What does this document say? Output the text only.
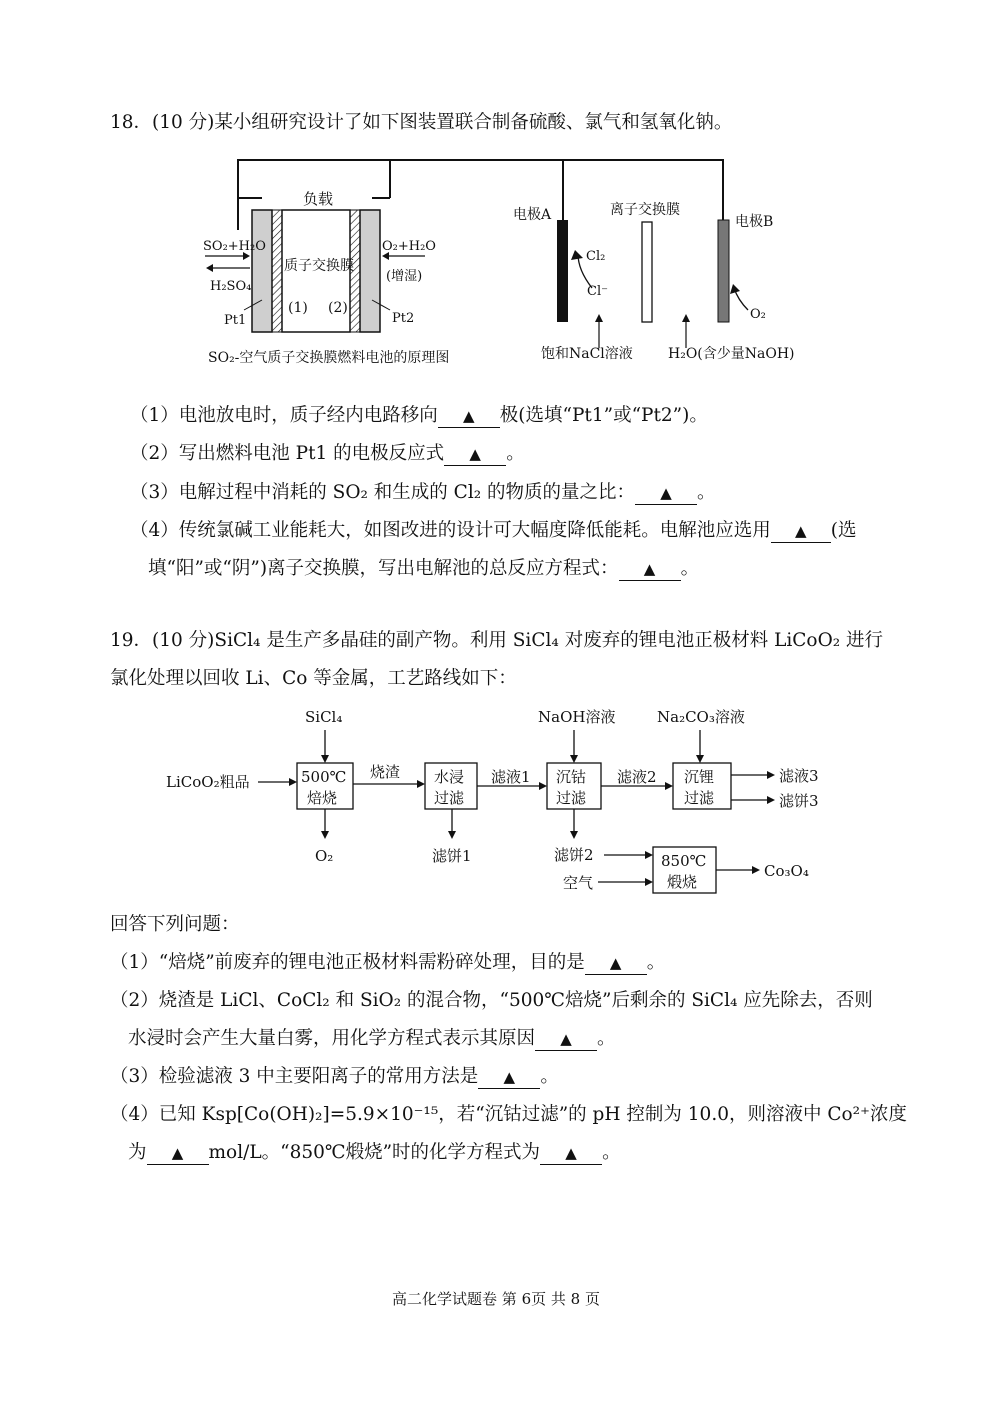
18．(10 分)某小组研究设计了如下图装置联合制备硫酸、氯气和氢氧化钠。
负载
质子交换膜
(1) (2)
SO₂+H₂O
H₂SO₄
Pt1
O₂+H₂O
(增湿)
Pt2
SO₂-空气质子交换膜燃料电池的原理图
电极A	离子交换膜
电极B
Cl₂
Cl⁻
O₂
饱和NaCl溶液	H₂O(含少量NaOH)
（1）电池放电时，质子经内电路移向 ▲ 极(选填“Pt1”或“Pt2”)。
（2）写出燃料电池 Pt1 的电极反应式 ▲ 。
（3）电解过程中消耗的 SO₂ 和生成的 Cl₂ 的物质的量之比： ▲ 。
（4）传统氯碱工业能耗大，如图改进的设计可大幅度降低能耗。电解池应选用 ▲ (选
填“阳”或“阴”)离子交换膜，写出电解池的总反应方程式： ▲ 。
19．(10 分)SiCl₄ 是生产多晶硅的副产物。利用 SiCl₄ 对废弃的锂电池正极材料 LiCoO₂ 进行
氯化处理以回收 Li、Co 等金属，工艺路线如下：
SiCl₄	NaOH溶液	Na₂CO₃溶液
LiCoO₂粗品	500℃
焙烧
烧渣 水浸
过滤
滤液1 沉钴
过滤
滤液2 沉锂
过滤
滤液3
滤饼3
O₂	滤饼1	滤饼2
空气
850℃
煅烧
Co₃O₄
回答下列问题：
（1）“焙烧”前废弃的锂电池正极材料需粉碎处理，目的是 ▲ 。
（2）烧渣是 LiCl、CoCl₂ 和 SiO₂ 的混合物，“500℃焙烧”后剩余的 SiCl₄ 应先除去，否则
水浸时会产生大量白雾，用化学方程式表示其原因 ▲ 。
（3）检验滤液 3 中主要阳离子的常用方法是 ▲ 。
（4）已知 Ksp[Co(OH)₂]=5.9×10⁻¹⁵，若“沉钴过滤”的 pH 控制为 10.0，则溶液中 Co²⁺浓度
为 ▲ mol/L。“850℃煅烧”时的化学方程式为 ▲ 。
高二化学试题卷 第 6页 共 8 页
